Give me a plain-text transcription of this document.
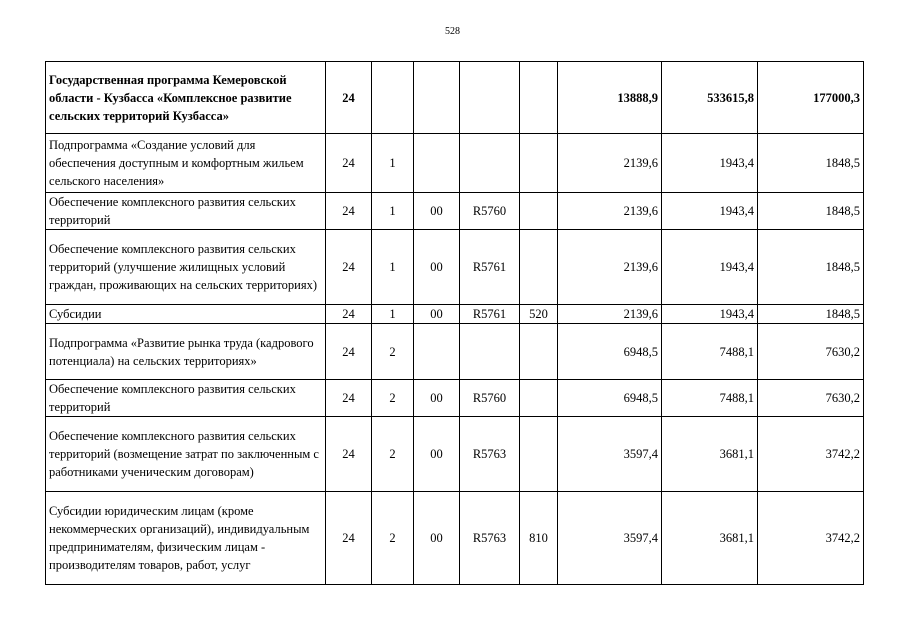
528
Государственная программа Кемеровской области - Кузбасса «Комплексное развитие сельских территорий Кузбасса»	24					13888,9	533615,8	177000,3
Подпрограмма «Создание условий для обеспечения доступным и комфортным жильем сельского населения»	24	1				2139,6	1943,4	1848,5
Обеспечение комплексного развития сельских территорий	24	1	00	R5760		2139,6	1943,4	1848,5
Обеспечение комплексного развития сельских территорий (улучшение жилищных условий граждан, проживающих на сельских территориях)	24	1	00	R5761		2139,6	1943,4	1848,5
Субсидии	24	1	00	R5761	520	2139,6	1943,4	1848,5
Подпрограмма «Развитие рынка труда (кадрового потенциала) на сельских территориях»	24	2				6948,5	7488,1	7630,2
Обеспечение комплексного развития сельских территорий	24	2	00	R5760		6948,5	7488,1	7630,2
Обеспечение комплексного развития сельских территорий (возмещение затрат по заключенным с работниками ученическим договорам)	24	2	00	R5763		3597,4	3681,1	3742,2
Субсидии юридическим лицам (кроме некоммерческих организаций), индивидуальным предпринимателям, физическим лицам - производителям товаров, работ, услуг	24	2	00	R5763	810	3597,4	3681,1	3742,2
